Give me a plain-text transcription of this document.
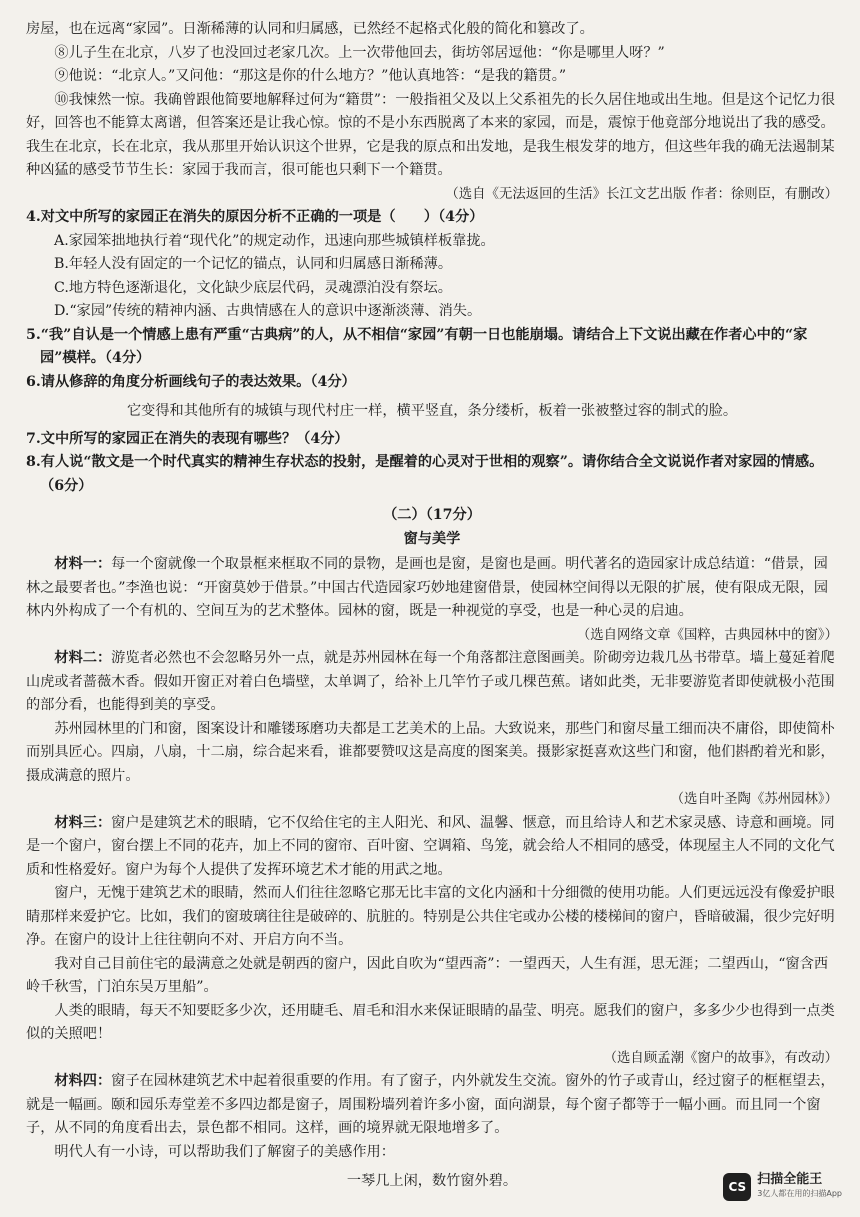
房屋，也在远离“家园”。日渐稀薄的认同和归属感，已然经不起格式化般的简化和篡改了。

⑧儿子生在北京，八岁了也没回过老家几次。上一次带他回去，街坊邻居逗他：“你是哪里人呀？”

⑨他说：“北京人。”又问他：“那这是你的什么地方？”他认真地答：“是我的籍贯。”

⑩我悚然一惊。我确曾跟他简要地解释过何为“籍贯”：一般指祖父及以上父系祖先的长久居住地或出生地。但是这个记忆力很好，回答也不能算太离谱，但答案还是让我心惊。惊的不是小东西脱离了本来的家园，而是，震惊于他竟部分地说出了我的感受。我生在北京，长在北京，我从那里开始认识这个世界，它是我的原点和出发地，是我生根发芽的地方，但这些年我的确无法遏制某种凶猛的感受节节生长：家园于我而言，很可能也只剩下一个籍贯。

（选自《无法返回的生活》长江文艺出版 作者：徐则臣，有删改）

4.对文中所写的家园正在消失的原因分析不正确的一项是（　　）（4分）

A.家园笨拙地执行着“现代化”的规定动作，迅速向那些城镇样板靠拢。

B.年轻人没有固定的一个记忆的锚点，认同和归属感日渐稀薄。

C.地方特色逐渐退化，文化缺少底层代码，灵魂漂泊没有祭坛。

D.“家园”传统的精神内涵、古典情感在人的意识中逐渐淡薄、消失。

5.“我”自认是一个情感上患有严重“古典病”的人，从不相信“家园”有朝一日也能崩塌。请结合上下文说出藏在作者心中的“家园”模样。（4分）

6.请从修辞的角度分析画线句子的表达效果。（4分）

它变得和其他所有的城镇与现代村庄一样，横平竖直，条分缕析，板着一张被整过容的制式的脸。

7.文中所写的家园正在消失的表现有哪些？（4分）

8.有人说“散文是一个时代真实的精神生存状态的投射，是醒着的心灵对于世相的观察”。请你结合全文说说作者对家园的情感。（6分）

（二）（17分）

窗与美学

材料一：每一个窗就像一个取景框来框取不同的景物，是画也是窗，是窗也是画。明代著名的造园家计成总结道：“借景，园林之最要者也。”李渔也说：“开窗莫妙于借景。”中国古代造园家巧妙地建窗借景，使园林空间得以无限的扩展，使有限成无限，园林内外构成了一个有机的、空间互为的艺术整体。园林的窗，既是一种视觉的享受，也是一种心灵的启迪。

（选自网络文章《国粹，古典园林中的窗》）

材料二：游览者必然也不会忽略另外一点，就是苏州园林在每一个角落都注意图画美。阶砌旁边栽几丛书带草。墙上蔓延着爬山虎或者蔷薇木香。假如开窗正对着白色墙壁，太单调了，给补上几竿竹子或几棵芭蕉。诸如此类，无非要游览者即使就极小范围的部分看，也能得到美的享受。

苏州园林里的门和窗，图案设计和雕镂琢磨功夫都是工艺美术的上品。大致说来，那些门和窗尽量工细而决不庸俗，即使简朴而别具匠心。四扇，八扇，十二扇，综合起来看，谁都要赞叹这是高度的图案美。摄影家挺喜欢这些门和窗，他们斟酌着光和影，摄成满意的照片。

（选自叶圣陶《苏州园林》）

材料三：窗户是建筑艺术的眼睛，它不仅给住宅的主人阳光、和风、温馨、惬意，而且给诗人和艺术家灵感、诗意和画境。同是一个窗户，窗台摆上不同的花卉，加上不同的窗帘、百叶窗、空调箱、鸟笼，就会给人不相同的感受，体现屋主人不同的文化气质和性格爱好。窗户为每个人提供了发挥环境艺术才能的用武之地。

窗户，无愧于建筑艺术的眼睛，然而人们往往忽略它那无比丰富的文化内涵和十分细微的使用功能。人们更远远没有像爱护眼睛那样来爱护它。比如，我们的窗玻璃往往是破碎的、肮脏的。特别是公共住宅或办公楼的楼梯间的窗户，昏暗破漏，很少完好明净。在窗户的设计上往往朝向不对、开启方向不当。

我对自己目前住宅的最满意之处就是朝西的窗户，因此自吹为“望西斋”：一望西天，人生有涯，思无涯；二望西山，“窗含西岭千秋雪，门泊东吴万里船”。

人类的眼睛，每天不知要眨多少次，还用睫毛、眉毛和泪水来保证眼睛的晶莹、明亮。愿我们的窗户，多多少少也得到一点类似的关照吧！

（选自顾孟潮《窗户的故事》，有改动）

材料四：窗子在园林建筑艺术中起着很重要的作用。有了窗子，内外就发生交流。窗外的竹子或青山，经过窗子的框框望去，就是一幅画。颐和园乐寿堂差不多四边都是窗子，周围粉墙列着许多小窗，面向湖景，每个窗子都等于一幅小画。而且同一个窗子，从不同的角度看出去，景色都不相同。这样，画的境界就无限地增多了。

明代人有一小诗，可以帮助我们了解窗子的美感作用：

一琴几上闲，数竹窗外碧。	CS 扫描全能王
3亿人都在用的扫描App
